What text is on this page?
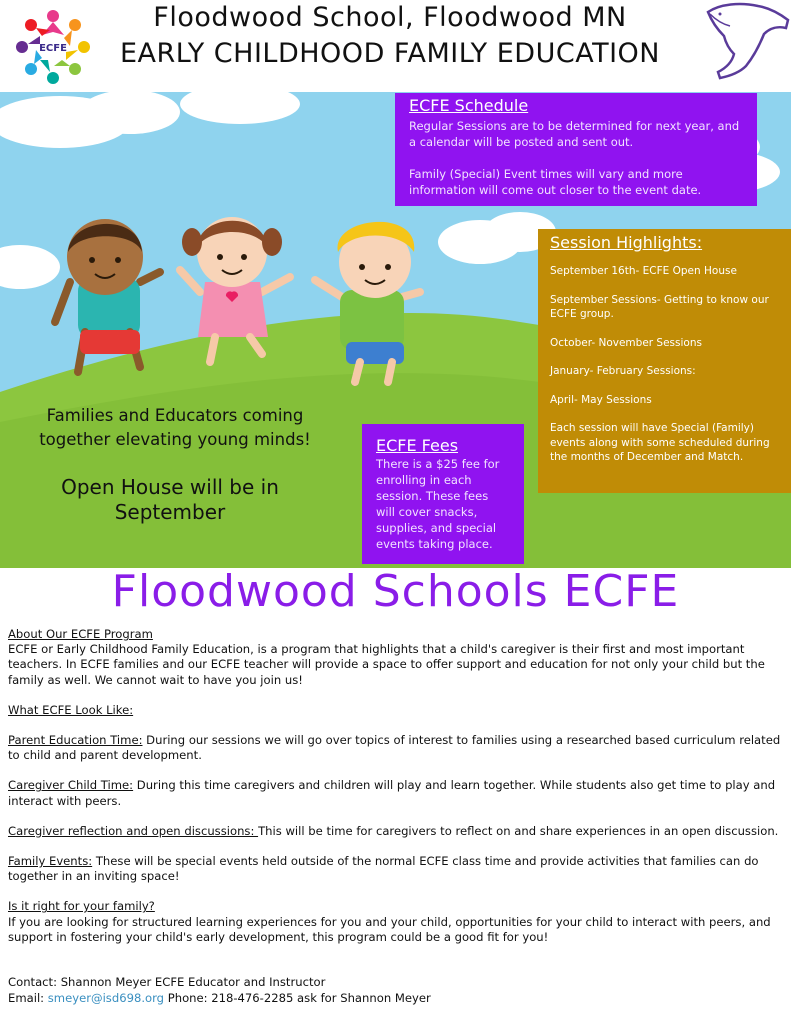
ECFE
Floodwood School, Floodwood MN
EARLY CHILDHOOD FAMILY EDUCATION
ECFE Schedule
Regular Sessions are to be determined for next year, and a calendar will be posted and sent out.
Family (Special) Event times will vary and more information will come out closer to the event date.
Session Highlights:
September 16th- ECFE Open House
September Sessions- Getting to know our ECFE group.
October- November Sessions
January- February Sessions:
April- May Sessions
Each session will have Special (Family) events along with some scheduled during the months of December and Match.
ECFE Fees
There is a $25 fee for enrolling in each session. These fees will cover snacks, supplies, and special events taking place.
Families and Educators coming together elevating young minds!
Open House will be in September
Floodwood Schools ECFE
About Our ECFE Program
ECFE or Early Childhood Family Education, is a program that highlights that a child's caregiver is their first and most important teachers. In ECFE families and our ECFE teacher will provide a space to offer support and education for not only your child but the family as well. We cannot wait to have you join us!
What ECFE Look Like:
Parent Education Time: During our sessions we will go over topics of interest to families using a researched based curriculum related to child and parent development.
Caregiver Child Time: During this time caregivers and children will play and learn together. While students also get time to play and interact with peers.
Caregiver reflection and open discussions: This will be time for caregivers to reflect on and share experiences in an open discussion.
Family Events: These will be special events held outside of the normal ECFE class time and provide activities that families can do together in an inviting space!
Is it right for your family?
If you are looking for structured learning experiences for you and your child, opportunities for your child to interact with peers, and support in fostering your child's early development, this program could be a good fit for you!
Contact: Shannon Meyer ECFE Educator and Instructor
Email: smeyer@isd698.org Phone: 218-476-2285 ask for Shannon Meyer
